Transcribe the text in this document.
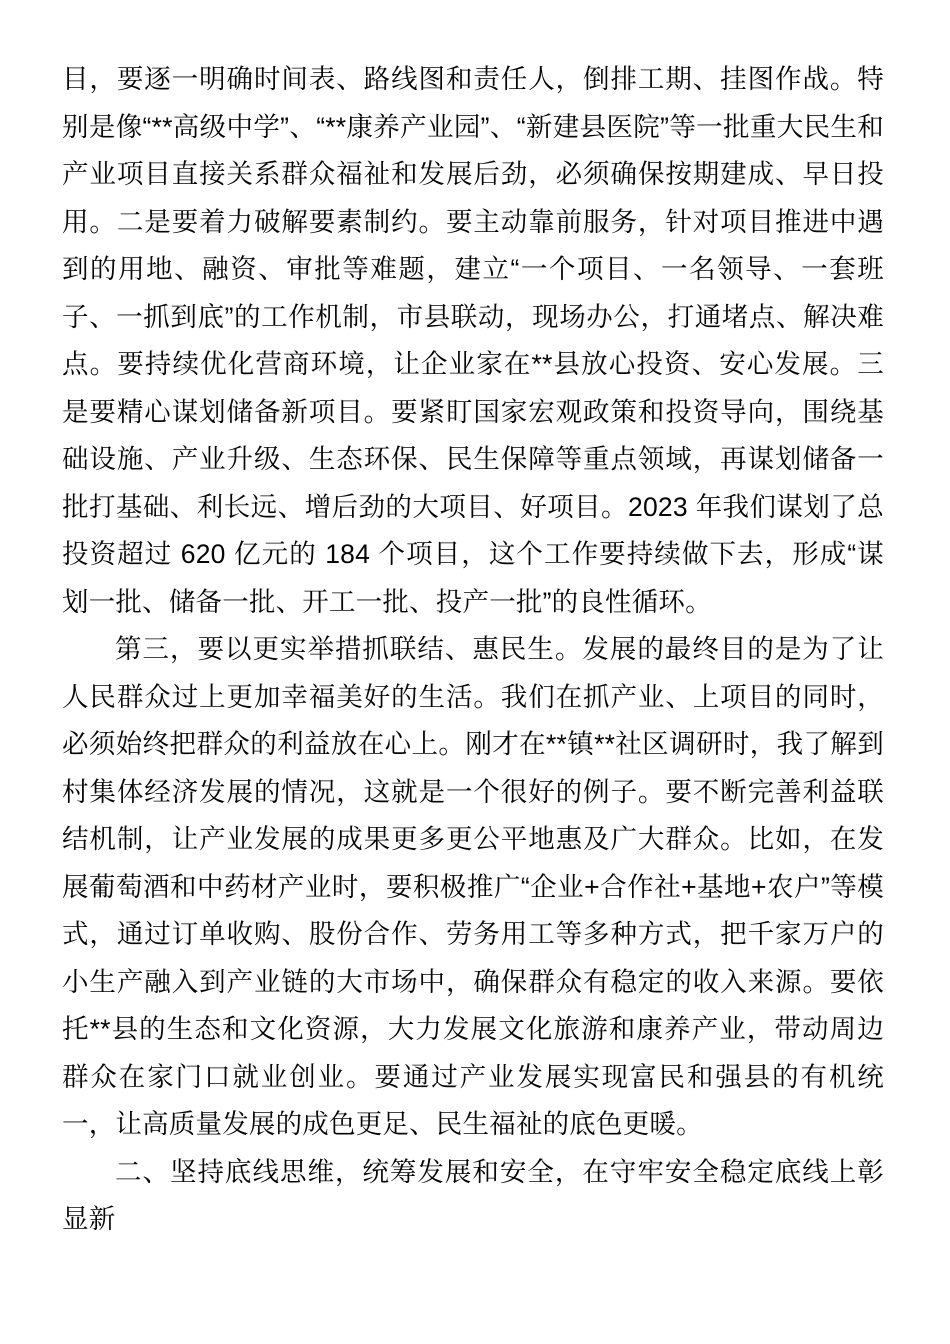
目，要逐一明确时间表、路线图和责任人，倒排工期、挂图作战。特别是像“**高级中学”、“**康养产业园”、“新建县医院”等一批重大民生和产业项目直接关系群众福祉和发展后劲，必须确保按期建成、早日投用。二是要着力破解要素制约。要主动靠前服务，针对项目推进中遇到的用地、融资、审批等难题，建立“一个项目、一名领导、一套班子、一抓到底”的工作机制，市县联动，现场办公，打通堵点、解决难点。要持续优化营商环境，让企业家在**县放心投资、安心发展。三是要精心谋划储备新项目。要紧盯国家宏观政策和投资导向，围绕基础设施、产业升级、生态环保、民生保障等重点领域，再谋划储备一批打基础、利长远、增后劲的大项目、好项目。2023 年我们谋划了总投资超过 620 亿元的 184 个项目，这个工作要持续做下去，形成“谋划一批、储备一批、开工一批、投产一批”的良性循环。

第三，要以更实举措抓联结、惠民生。发展的最终目的是为了让人民群众过上更加幸福美好的生活。我们在抓产业、上项目的同时，必须始终把群众的利益放在心上。刚才在**镇**社区调研时，我了解到村集体经济发展的情况，这就是一个很好的例子。要不断完善利益联结机制，让产业发展的成果更多更公平地惠及广大群众。比如，在发展葡萄酒和中药材产业时，要积极推广“企业+合作社+基地+农户”等模式，通过订单收购、股份合作、劳务用工等多种方式，把千家万户的小生产融入到产业链的大市场中，确保群众有稳定的收入来源。要依托**县的生态和文化资源，大力发展文化旅游和康养产业，带动周边群众在家门口就业创业。要通过产业发展实现富民和强县的有机统一，让高质量发展的成色更足、民生福祉的底色更暖。

二、坚持底线思维，统筹发展和安全，在守牢安全稳定底线上彰显新
